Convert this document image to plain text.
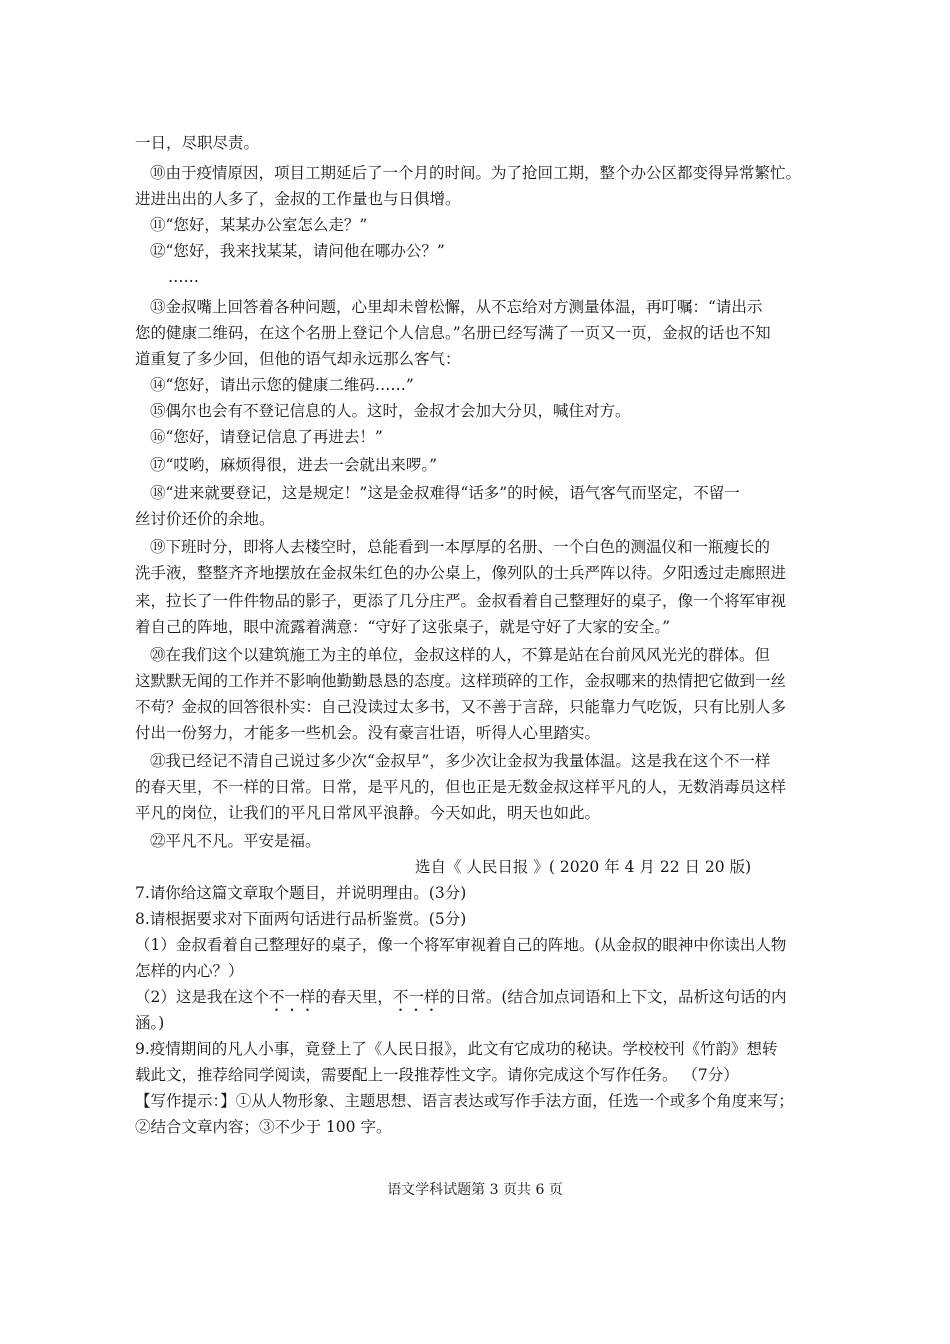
一日，尽职尽责。
⑩由于疫情原因，项目工期延后了一个月的时间。为了抢回工期，整个办公区都变得异常繁忙。
进进出出的人多了，金叔的工作量也与日俱增。
⑪“您好，某某办公室怎么走？”
⑫“您好，我来找某某，请问他在哪办公？”
……
⑬金叔嘴上回答着各种问题，心里却未曾松懈，从不忘给对方测量体温，再叮嘱：“请出示
您的健康二维码，在这个名册上登记个人信息。”名册已经写满了一页又一页，金叔的话也不知
道重复了多少回，但他的语气却永远那么客气：
⑭“您好，请出示您的健康二维码……”
⑮偶尔也会有不登记信息的人。这时，金叔才会加大分贝，喊住对方。
⑯“您好，请登记信息了再进去！”
⑰“哎哟，麻烦得很，进去一会就出来啰。”
⑱“进来就要登记，这是规定！”这是金叔难得“话多”的时候，语气客气而坚定，不留一
丝讨价还价的余地。
⑲下班时分，即将人去楼空时，总能看到一本厚厚的名册、一个白色的测温仪和一瓶瘦长的
洗手液，整整齐齐地摆放在金叔朱红色的办公桌上，像列队的士兵严阵以待。夕阳透过走廊照进
来，拉长了一件件物品的影子，更添了几分庄严。金叔看着自己整理好的桌子，像一个将军审视
着自己的阵地，眼中流露着满意：“守好了这张桌子，就是守好了大家的安全。”
⑳在我们这个以建筑施工为主的单位，金叔这样的人，不算是站在台前风风光光的群体。但
这默默无闻的工作并不影响他勤勤恳恳的态度。这样琐碎的工作，金叔哪来的热情把它做到一丝
不苟？金叔的回答很朴实：自己没读过太多书，又不善于言辞，只能靠力气吃饭，只有比别人多
付出一份努力，才能多一些机会。没有豪言壮语，听得人心里踏实。
㉑我已经记不清自己说过多少次“金叔早”，多少次让金叔为我量体温。这是我在这个不一样
的春天里，不一样的日常。日常，是平凡的，但也正是无数金叔这样平凡的人，无数消毒员这样
平凡的岗位，让我们的平凡日常风平浪静。今天如此，明天也如此。
㉒平凡不凡。平安是福。
选自《 人民日报 》( 2020 年 4 月 22 日 20 版)
7.请你给这篇文章取个题目，并说明理由。(3分)
8.请根据要求对下面两句话进行品析鉴赏。(5分)
（1）金叔看着自己整理好的桌子，像一个将军审视着自己的阵地。(从金叔的眼神中你读出人物
怎样的内心？）
（2）这是我在这个不一样的春天里，不一样的日常。(结合加点词语和上下文，品析这句话的内
涵。)
9.疫情期间的凡人小事，竟登上了《人民日报》，此文有它成功的秘诀。学校校刊《竹韵》想转
载此文，推荐给同学阅读，需要配上一段推荐性文字。请你完成这个写作任务。 （7分）
【写作提示：】①从人物形象、主题思想、语言表达或写作手法方面，任选一个或多个角度来写；
②结合文章内容；③不少于 100 字。
语文学科试题第 3 页共 6 页
